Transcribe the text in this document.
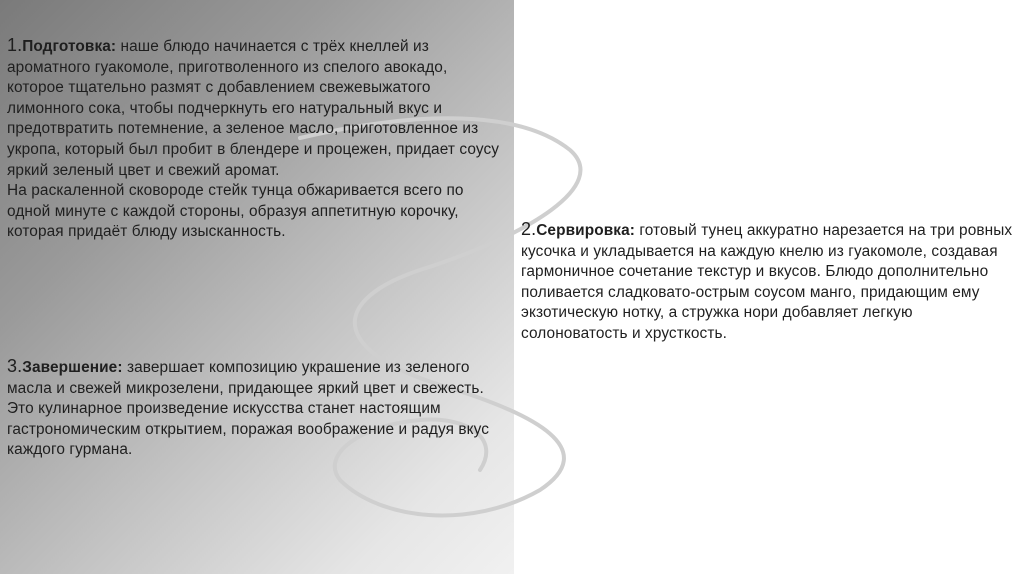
1.Подготовка: наше блюдо начинается с трёх кнеллей из ароматного гуакомоле, приготволенного из спелого авокадо, которое тщательно размят с добавлением свежевыжатого лимонного сока, чтобы подчеркнуть его натуральный вкус и предотвратить потемнение, а зеленое масло, приготовленное из укропа, который был пробит в блендере и процежен, придает соусу яркий зеленый цвет и свежий аромат.
На раскаленной сковороде стейк тунца обжаривается всего по одной минуте с каждой стороны, образуя аппетитную корочку, которая придаёт блюду изысканность.	2.Сервировка: готовый тунец аккуратно нарезается на три ровных кусочка и укладывается на каждую кнелю из гуакомоле, создавая гармоничное сочетание текстур и вкусов. Блюдо дополнительно поливается сладковато-острым соусом манго, придающим ему экзотическую нотку, а стружка нори добавляет легкую солоноватость и хрусткость.
3.Завершение: завершает композицию украшение из зеленого масла и свежей микрозелени, придающее яркий цвет и свежесть. Это кулинарное произведение искусства станет настоящим гастрономическим открытием, поражая воображение и радуя вкус каждого гурмана.
